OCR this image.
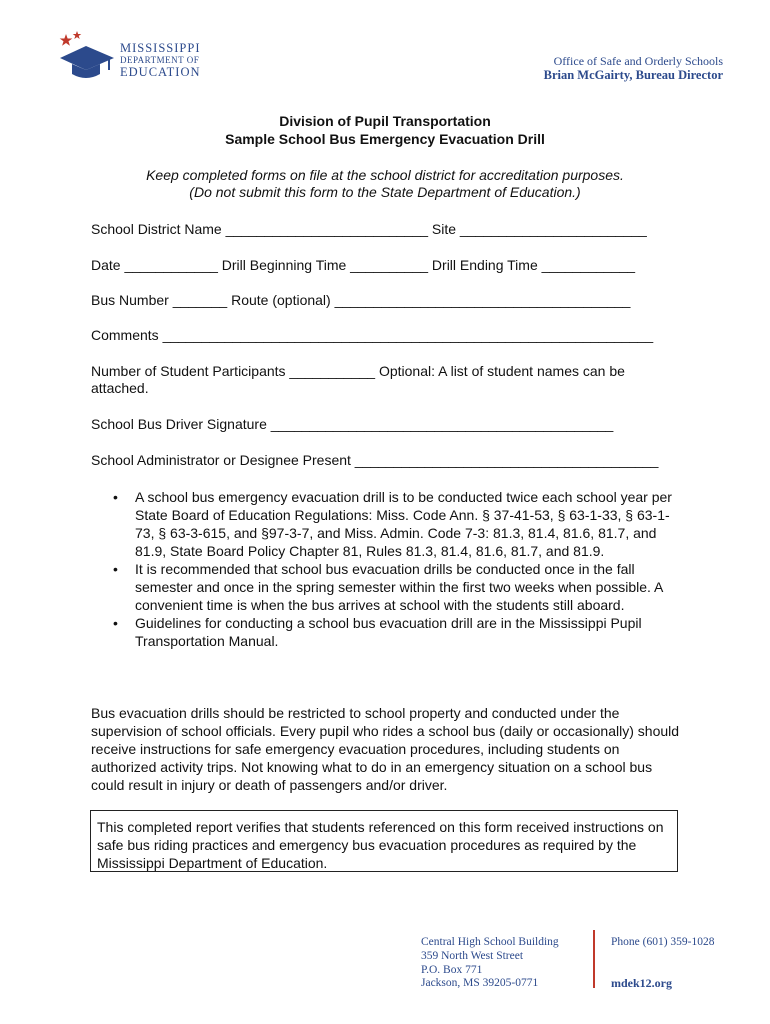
MISSISSIPPI
DEPARTMENT OF
EDUCATION
Office of Safe and Orderly Schools
Brian McGairty, Bureau Director
Division of Pupil Transportation
Sample School Bus Emergency Evacuation Drill
Keep completed forms on file at the school district for accreditation purposes.
(Do not submit this form to the State Department of Education.)
School District Name __________________________ Site ________________________
Date ____________ Drill Beginning Time __________ Drill Ending Time ____________
Bus Number _______ Route (optional) ______________________________________
Comments _______________________________________________________________
Number of Student Participants ___________ Optional: A list of student names can be
attached.
School Bus Driver Signature ____________________________________________
School Administrator or Designee Present _______________________________________
• A school bus emergency evacuation drill is to be conducted twice each school year per State Board of Education Regulations: Miss. Code Ann. § 37-41-53, § 63-1-33, § 63-1-73, § 63-3-615, and §97-3-7, and Miss. Admin. Code 7-3: 81.3, 81.4, 81.6, 81.7, and 81.9, State Board Policy Chapter 81, Rules 81.3, 81.4, 81.6, 81.7, and 81.9.
• It is recommended that school bus evacuation drills be conducted once in the fall semester and once in the spring semester within the first two weeks when possible. A convenient time is when the bus arrives at school with the students still aboard.
• Guidelines for conducting a school bus evacuation drill are in the Mississippi Pupil Transportation Manual.
Bus evacuation drills should be restricted to school property and conducted under the supervision of school officials. Every pupil who rides a school bus (daily or occasionally) should receive instructions for safe emergency evacuation procedures, including students on authorized activity trips. Not knowing what to do in an emergency situation on a school bus could result in injury or death of passengers and/or driver.
This completed report verifies that students referenced on this form received instructions on safe bus riding practices and emergency bus evacuation procedures as required by the Mississippi Department of Education.
Central High School Building
359 North West Street
P.O. Box 771
Jackson, MS 39205-0771
Phone (601) 359-1028
mdek12.org
